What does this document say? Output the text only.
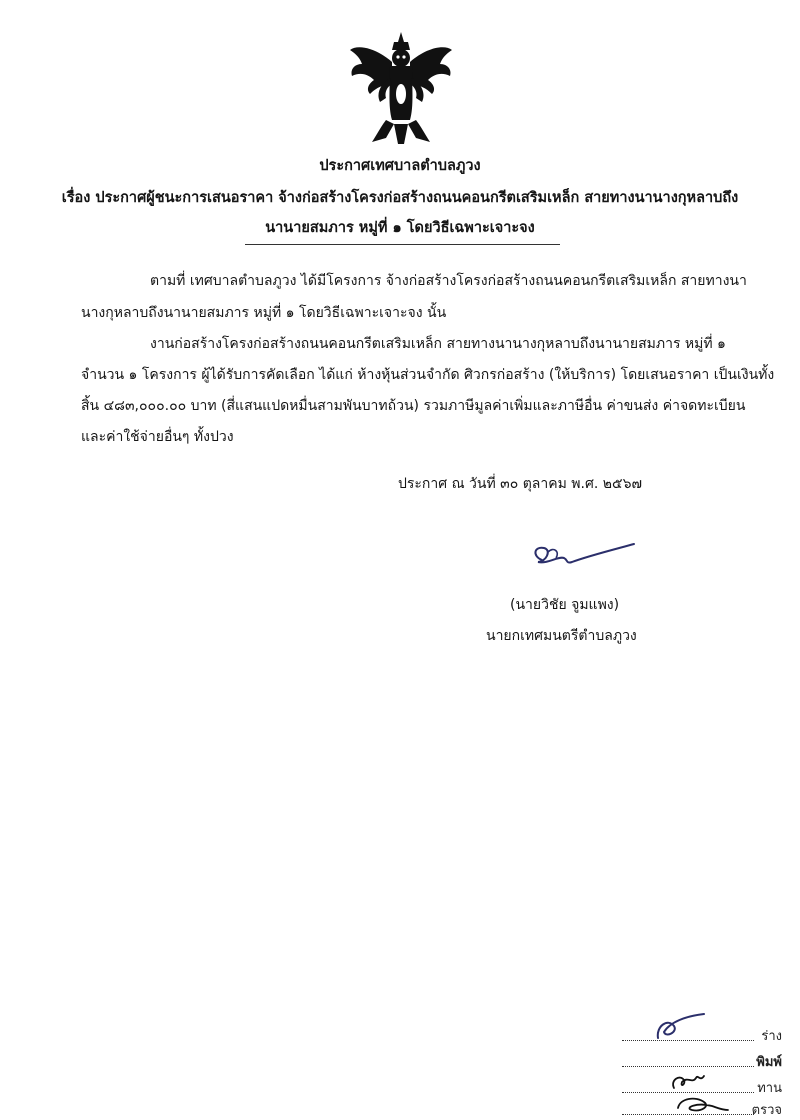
ประกาศเทศบาลตำบลภูวง
เรื่อง ประกาศผู้ชนะการเสนอราคา จ้างก่อสร้างโครงก่อสร้างถนนคอนกรีตเสริมเหล็ก สายทางนานางกุหลาบถึง
นานายสมภาร หมู่ที่ ๑ โดยวิธีเฉพาะเจาะจง
ตามที่ เทศบาลตำบลภูวง ได้มีโครงการ จ้างก่อสร้างโครงก่อสร้างถนนคอนกรีตเสริมเหล็ก สายทางนา
นางกุหลาบถึงนานายสมภาร หมู่ที่ ๑ โดยวิธีเฉพาะเจาะจง นั้น
งานก่อสร้างโครงก่อสร้างถนนคอนกรีตเสริมเหล็ก สายทางนานางกุหลาบถึงนานายสมภาร หมู่ที่ ๑
จำนวน ๑ โครงการ ผู้ได้รับการคัดเลือก ได้แก่ ห้างหุ้นส่วนจำกัด ศิวกรก่อสร้าง (ให้บริการ) โดยเสนอราคา เป็นเงินทั้ง
สิ้น ๔๘๓,๐๐๐.๐๐ บาท (สี่แสนแปดหมื่นสามพันบาทถ้วน) รวมภาษีมูลค่าเพิ่มและภาษีอื่น ค่าขนส่ง ค่าจดทะเบียน
และค่าใช้จ่ายอื่นๆ ทั้งปวง
ประกาศ ณ วันที่ ๓๐ ตุลาคม พ.ศ. ๒๕๖๗
(นายวิชัย จูมแพง)
นายกเทศมนตรีตำบลภูวง
ร่าง
พิมพ์
ทาน
ตรวจ
